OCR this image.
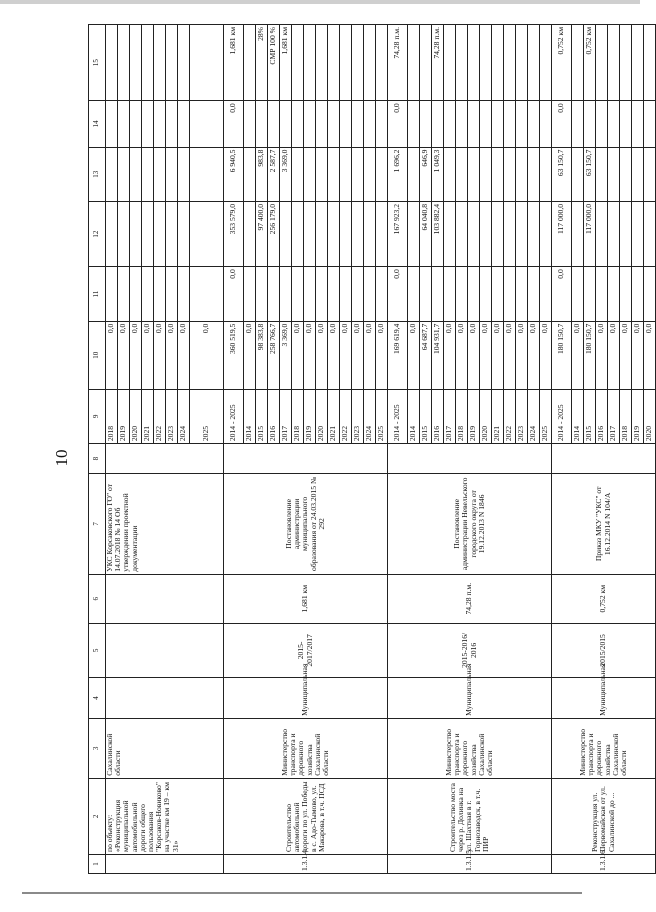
10
1	2	3	4	5	6	7	8	9	10	11	12	13	14	15
	по объекту: «Реконструкция муниципальной автомобильной дороги общего пользования "Корсаков-Новиково" на участке км 19 – км 31»	Сахалинской области				УКС Корсаковского ГО" от 14.07.2018 № 14 Об утверждении проектной документации		2018	0,0					
								2019	0,0					
								2020	0,0					
								2021	0,0					
								2022	0,0					
								2023	0,0					
								2024	0,0					
								2025	0,0					
1.3.1.4.	Строительство автомобильной дороги по ул. Победы в с. Адо-Тымово, ул. Макарова, в т.ч. ПСД	Министерство транспорта и дорожного хозяйства Сахалинской области	Муниципальная	2015-2017/2017	1,681 км	Постановление администрации муниципального образования от 24.03.2015 № 292		2014 - 2025	360 519,5	0,0	353 579,0	6 940,5	0,0	1,681 км
								2014	0,0					
								2015	98 383,8		97 400,0	983,8		28%
								2016	258 766,7		256 179,0	2 587,7		СМР 100 %
								2017	3 369,0			3 369,0		1,681 км
								2018	0,0					
								2019	0,0					
								2020	0,0					
								2021	0,0					
								2022	0,0					
								2023	0,0					
								2024	0,0					
								2025	0,0					
1.3.1.5.	Строительство моста через р. Долинка на ул. Шахтная в г. Горнозаводск, в т.ч. ПИР	Министерство транспорта и дорожного хозяйства Сахалинской области	Муниципальная	2015-2016/ 2016	74,28 п.м.	Постановление администрации Невельского городского округа от 19.12.2013 N 1846		2014 - 2025	169 619,4	0,0	167 923,2	1 696,2	0,0	74,28 п.м.
								2014	0,0					
								2015	64 687,7		64 040,8	646,9		
								2016	104 931,7		103 882,4	1 049,3		74,28 п.м.
								2017	0,0					
								2018	0,0					
								2019	0,0					
								2020	0,0					
								2021	0,0					
								2022	0,0					
								2023	0,0					
								2024	0,0					
								2025	0,0					
1.3.1.6.	Реконструкция ул. Первомайская от ул. Сахалинской до ...	Министерство транспорта и дорожного хозяйства Сахалинской области	Муниципальная	2015/2015	0,752 км	Приказ МКУ "УКС" от 16.12.2014 N 104/А		2014 - 2025	180 150,7	0,0	117 000,0	63 150,7	0,0	0,752 км
								2014	0,0					
								2015	180 150,7		117 000,0	63 150,7		0,752 км
								2016	0,0					
								2017	0,0					
								2018	0,0					
								2019	0,0					
								2020	0,0					
